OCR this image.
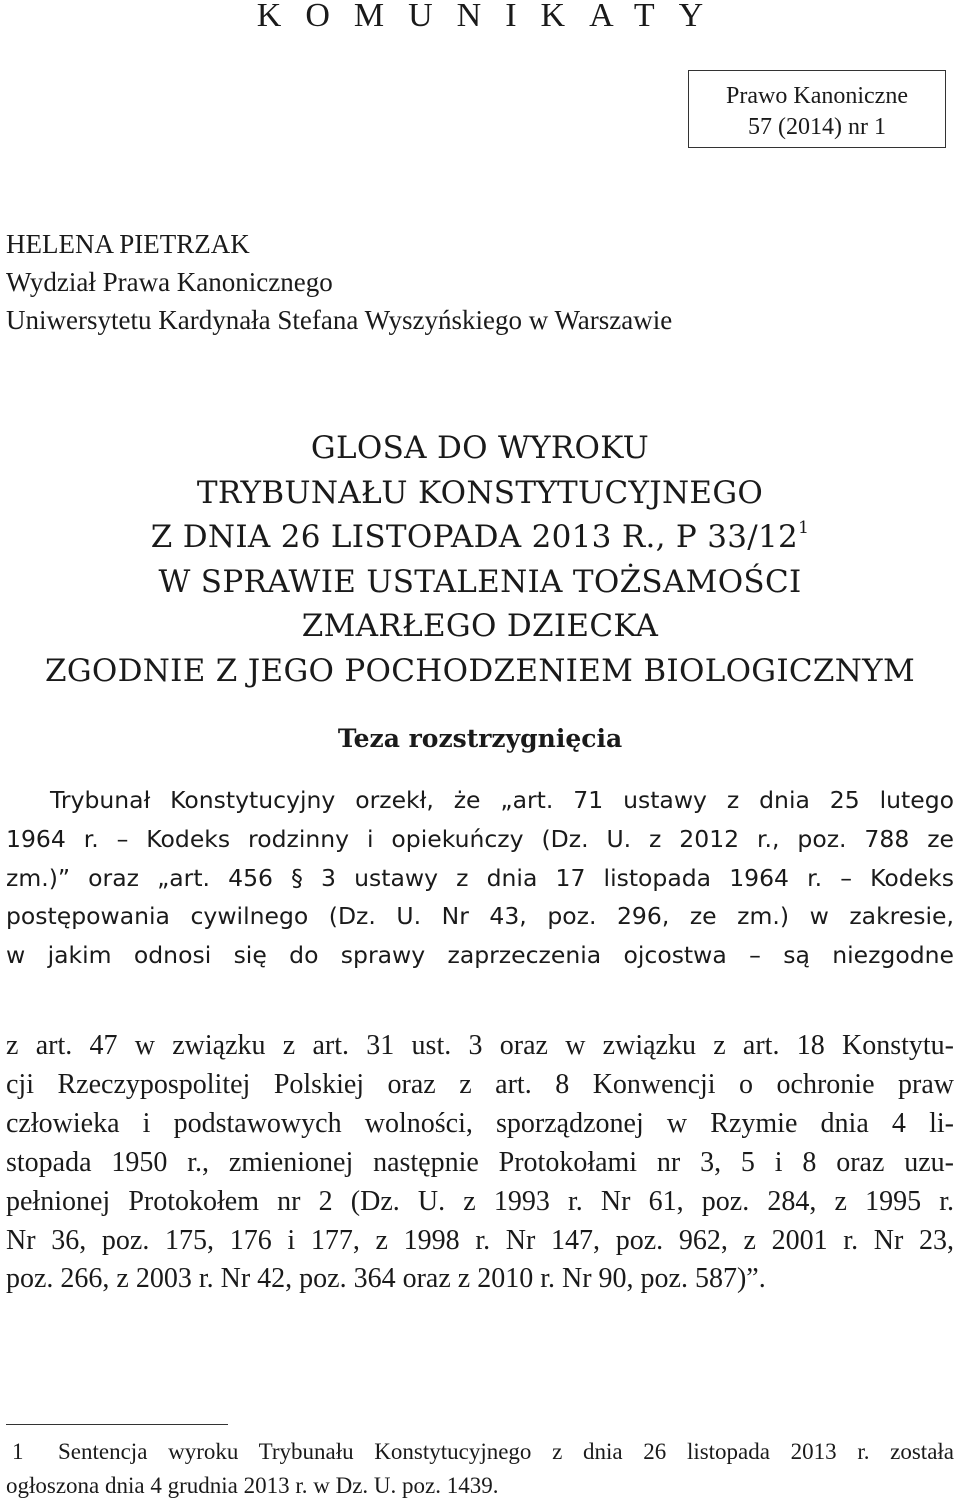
KOMUNIKATY
Prawo Kanoniczne
57 (2014) nr 1
HELENA PIETRZAK
Wydział Prawa Kanonicznego
Uniwersytetu Kardynała Stefana Wyszyńskiego w Warszawie
GLOSA DO WYROKU
TRYBUNAŁU KONSTYTUCYJNEGO
Z DNIA 26 LISTOPADA 2013 R., P $33/12^1$
W SPRAWIE USTALENIA TOŻSAMOŚCI
ZMARŁEGO DZIECKA
ZGODNIE Z JEGO POCHODZENIEM BIOLOGICZNYM
Teza rozstrzygnięcia
Trybunał Konstytucyjny orzekł, że „art. 71 ustawy z dnia 25 lutego
1964 r. – Kodeks rodzinny i opiekuńczy (Dz. U. z 2012 r., poz. 788 ze
zm.)” oraz „art. 456 § 3 ustawy z dnia 17 listopada 1964 r. – Kodeks
postępowania cywilnego (Dz. U. Nr 43, poz. 296, ze zm.) w zakresie,
w jakim odnosi się do sprawy zaprzeczenia ojcostwa – są niezgodne
z art. 47 w związku z art. 31 ust. 3 oraz w związku z art. 18 Konstytu-
cji Rzeczypospolitej Polskiej oraz z art. 8 Konwencji o ochronie praw
człowieka i podstawowych wolności, sporządzonej w Rzymie dnia 4 li-
stopada 1950 r., zmienionej następnie Protokołami nr 3, 5 i 8 oraz uzu-
pełnionej Protokołem nr 2 (Dz. U. z 1993 r. Nr 61, poz. 284, z 1995 r.
Nr 36, poz. 175, 176 i 177, z 1998 r. Nr 147, poz. 962, z 2001 r. Nr 23,
poz. 266, z 2003 r. Nr 42, poz. 364 oraz z 2010 r. Nr 90, poz. 587)”.
1 Sentencja wyroku Trybunału Konstytucyjnego z dnia 26 listopada 2013 r. została
ogłoszona dnia 4 grudnia 2013 r. w Dz. U. poz. 1439.
